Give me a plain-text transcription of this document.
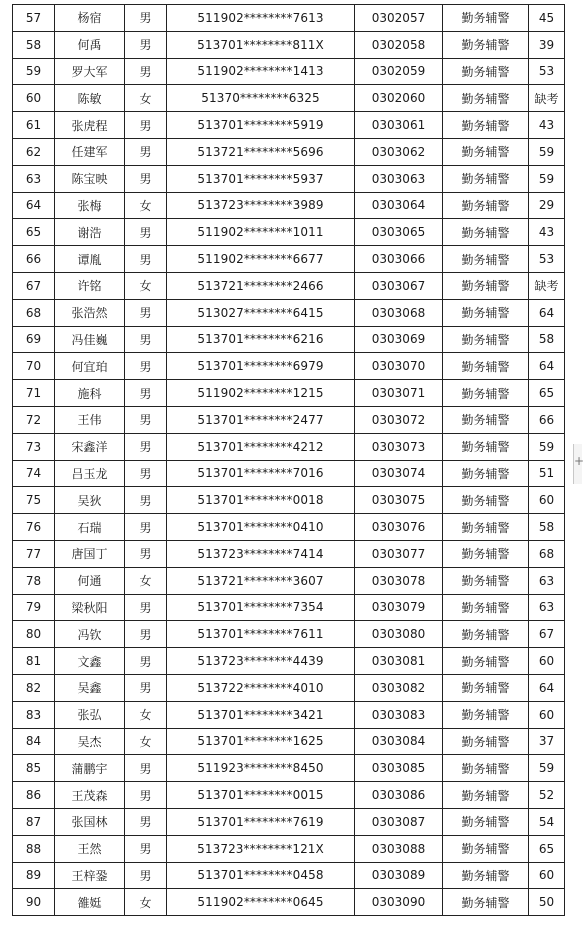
57	杨宿	男	511902********7613	0302057	勤务辅警	45
58	何禹	男	513701********811X	0302058	勤务辅警	39
59	罗大军	男	511902********1413	0302059	勤务辅警	53
60	陈敏	女	51370********6325	0302060	勤务辅警	缺考
61	张虎程	男	513701********5919	0303061	勤务辅警	43
62	任建军	男	513721********5696	0303062	勤务辅警	59
63	陈宝映	男	513701********5937	0303063	勤务辅警	59
64	张梅	女	513723********3989	0303064	勤务辅警	29
65	谢浩	男	511902********1011	0303065	勤务辅警	43
66	谭胤	男	511902********6677	0303066	勤务辅警	53
67	许铭	女	513721********2466	0303067	勤务辅警	缺考
68	张浩然	男	513027********6415	0303068	勤务辅警	64
69	冯佳巍	男	513701********6216	0303069	勤务辅警	58
70	何宜珀	男	513701********6979	0303070	勤务辅警	64
71	施科	男	511902********1215	0303071	勤务辅警	65
72	王伟	男	513701********2477	0303072	勤务辅警	66
73	宋鑫洋	男	513701********4212	0303073	勤务辅警	59
74	吕玉龙	男	513701********7016	0303074	勤务辅警	51
75	吴狄	男	513701********0018	0303075	勤务辅警	60
76	石瑞	男	513701********0410	0303076	勤务辅警	58
77	唐国丁	男	513723********7414	0303077	勤务辅警	68
78	何通	女	513721********3607	0303078	勤务辅警	63
79	梁秋阳	男	513701********7354	0303079	勤务辅警	63
80	冯钦	男	513701********7611	0303080	勤务辅警	67
81	文鑫	男	513723********4439	0303081	勤务辅警	60
82	吴鑫	男	513722********4010	0303082	勤务辅警	64
83	张弘	女	513701********3421	0303083	勤务辅警	60
84	吴杰	女	513701********1625	0303084	勤务辅警	37
85	蒲鹏宇	男	511923********8450	0303085	勤务辅警	59
86	王茂森	男	513701********0015	0303086	勤务辅警	52
87	张国林	男	513701********7619	0303087	勤务辅警	54
88	王然	男	513723********121X	0303088	勤务辅警	65
89	王梓銎	男	513701********0458	0303089	勤务辅警	60
90	雒娗	女	511902********0645	0303090	勤务辅警	50
+
